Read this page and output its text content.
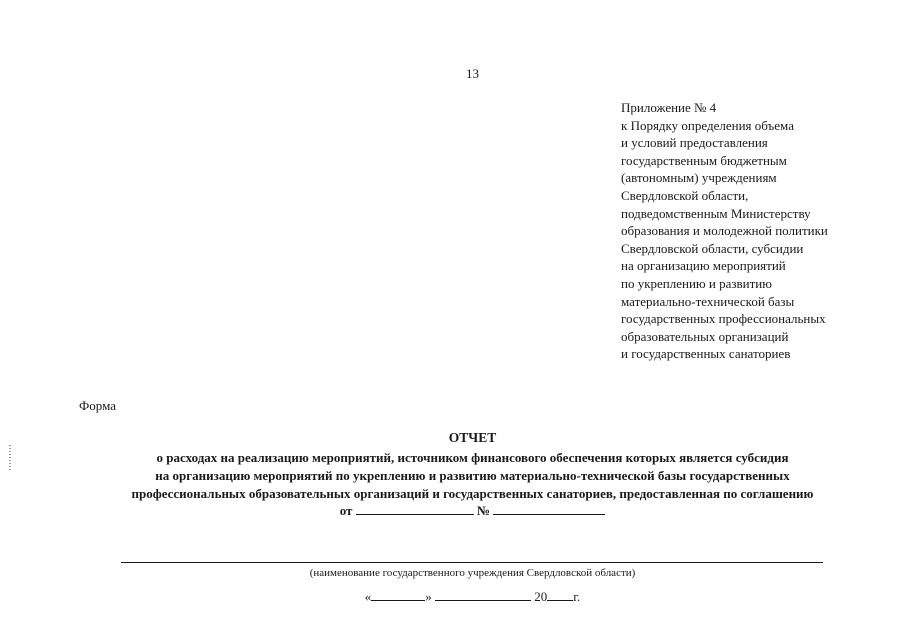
13
Приложение № 4
к Порядку определения объема
и условий предоставления
государственным бюджетным
(автономным) учреждениям
Свердловской области,
подведомственным Министерству
образования и молодежной политики
Свердловской области, субсидии
на организацию мероприятий
по укреплению и развитию
материально-технической базы
государственных профессиональных
образовательных организаций
и государственных санаториев
Форма
ОТЧЕТ
о расходах на реализацию мероприятий, источником финансового обеспечения которых является субсидия
на организацию мероприятий по укреплению и развитию материально-технической базы государственных
профессиональных образовательных организаций и государственных санаториев, предоставленная по соглашению
от	№
(наименование государственного учреждения Свердловской области)
«	»	20 г.
